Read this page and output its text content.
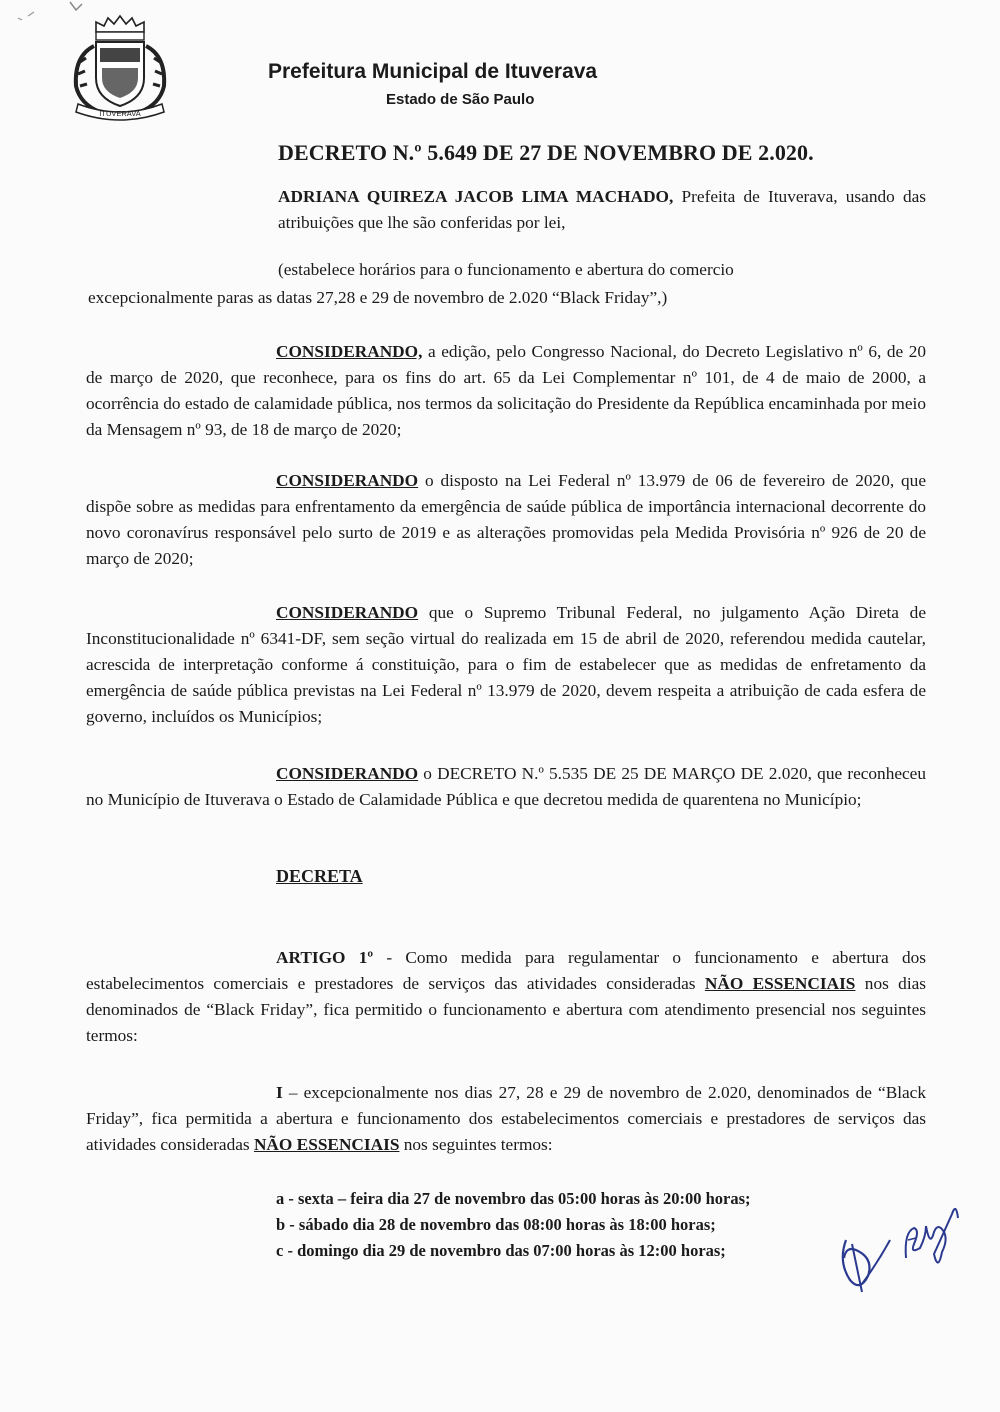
ITUVERAVA
Prefeitura Municipal de Ituverava
Estado de São Paulo
DECRETO N.º 5.649 DE 27 DE NOVEMBRO DE 2.020.
ADRIANA QUIREZA JACOB LIMA MACHADO, Prefeita de Ituverava, usando das atribuições que lhe são conferidas por lei,
(estabelece horários para o funcionamento e abertura do comercio
excepcionalmente paras as datas 27,28 e 29 de novembro de 2.020 “Black Friday”,)
CONSIDERANDO, a edição, pelo Congresso Nacional, do Decreto Legislativo nº 6, de 20 de março de 2020, que reconhece, para os fins do art. 65 da Lei Complementar nº 101, de 4 de maio de 2000, a ocorrência do estado de calamidade pública, nos termos da solicitação do Presidente da República encaminhada por meio da Mensagem nº 93, de 18 de março de 2020;
CONSIDERANDO o disposto na Lei Federal nº 13.979 de 06 de fevereiro de 2020, que dispõe sobre as medidas para enfrentamento da emergência de saúde pública de importância internacional decorrente do novo coronavírus responsável pelo surto de 2019 e as alterações promovidas pela Medida Provisória nº 926 de 20 de março de 2020;
CONSIDERANDO que o Supremo Tribunal Federal, no julgamento Ação Direta de Inconstitucionalidade nº 6341-DF, sem seção virtual do realizada em 15 de abril de 2020, referendou medida cautelar, acrescida de interpretação conforme á constituição, para o fim de estabelecer que as medidas de enfretamento da emergência de saúde pública previstas na Lei Federal nº 13.979 de 2020, devem respeita a atribuição de cada esfera de governo, incluídos os Municípios;
CONSIDERANDO o DECRETO N.º 5.535 DE 25 DE MARÇO DE 2.020, que reconheceu no Município de Ituverava o Estado de Calamidade Pública e que decretou medida de quarentena no Município;
DECRETA
ARTIGO 1º - Como medida para regulamentar o funcionamento e abertura dos estabelecimentos comerciais e prestadores de serviços das atividades consideradas NÃO ESSENCIAIS nos dias denominados de “Black Friday”, fica permitido o funcionamento e abertura com atendimento presencial nos seguintes termos:
I – excepcionalmente nos dias 27, 28 e 29 de novembro de 2.020, denominados de “Black Friday”, fica permitida a abertura e funcionamento dos estabelecimentos comerciais e prestadores de serviços das atividades consideradas NÃO ESSENCIAIS nos seguintes termos:
a - sexta – feira dia 27 de novembro das 05:00 horas às 20:00 horas;
b - sábado dia 28 de novembro das 08:00 horas às 18:00 horas;
c - domingo dia 29 de novembro das 07:00 horas às 12:00 horas;
